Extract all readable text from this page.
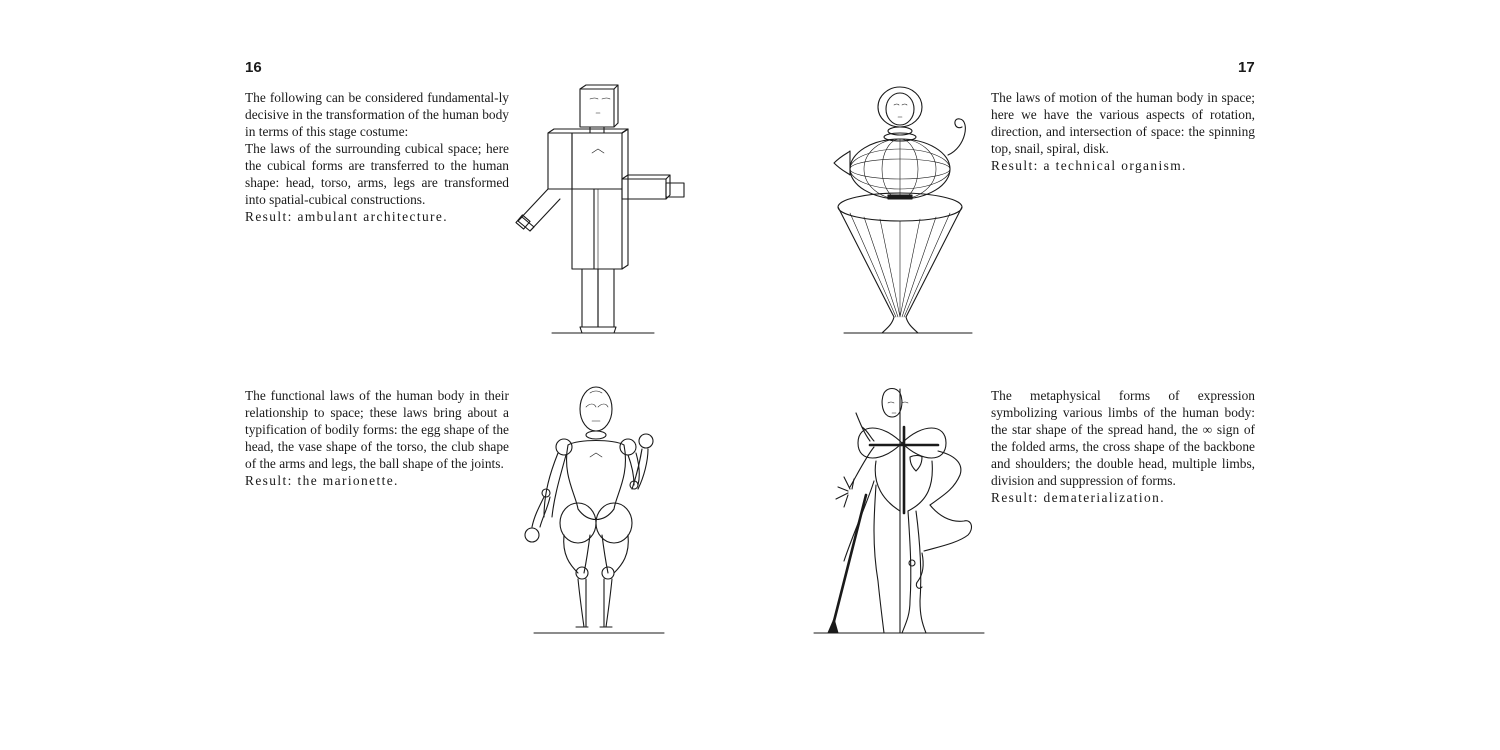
16	17

The following can be considered fundamental-ly decisive in the transformation of the human body in terms of this stage costume:

The laws of the surrounding cubical space; here the cubical forms are transferred to the human shape: head, torso, arms, legs are transformed into spatial-cubical constructions.

Result: ambulant architecture.

The functional laws of the human body in their relationship to space; these laws bring about a typification of bodily forms: the egg shape of the head, the vase shape of the torso, the club shape of the arms and legs, the ball shape of the joints.

Result: the marionette.

The laws of motion of the human body in space; here we have the various aspects of rotation, direction, and intersection of space: the spinning top, snail, spiral, disk.

Result: a technical organism.

The metaphysical forms of expression symbolizing various limbs of the human body: the star shape of the spread hand, the ∞ sign of the folded arms, the cross shape of the backbone and shoulders; the double head, multiple limbs, division and suppression of forms.

Result: dematerialization.
